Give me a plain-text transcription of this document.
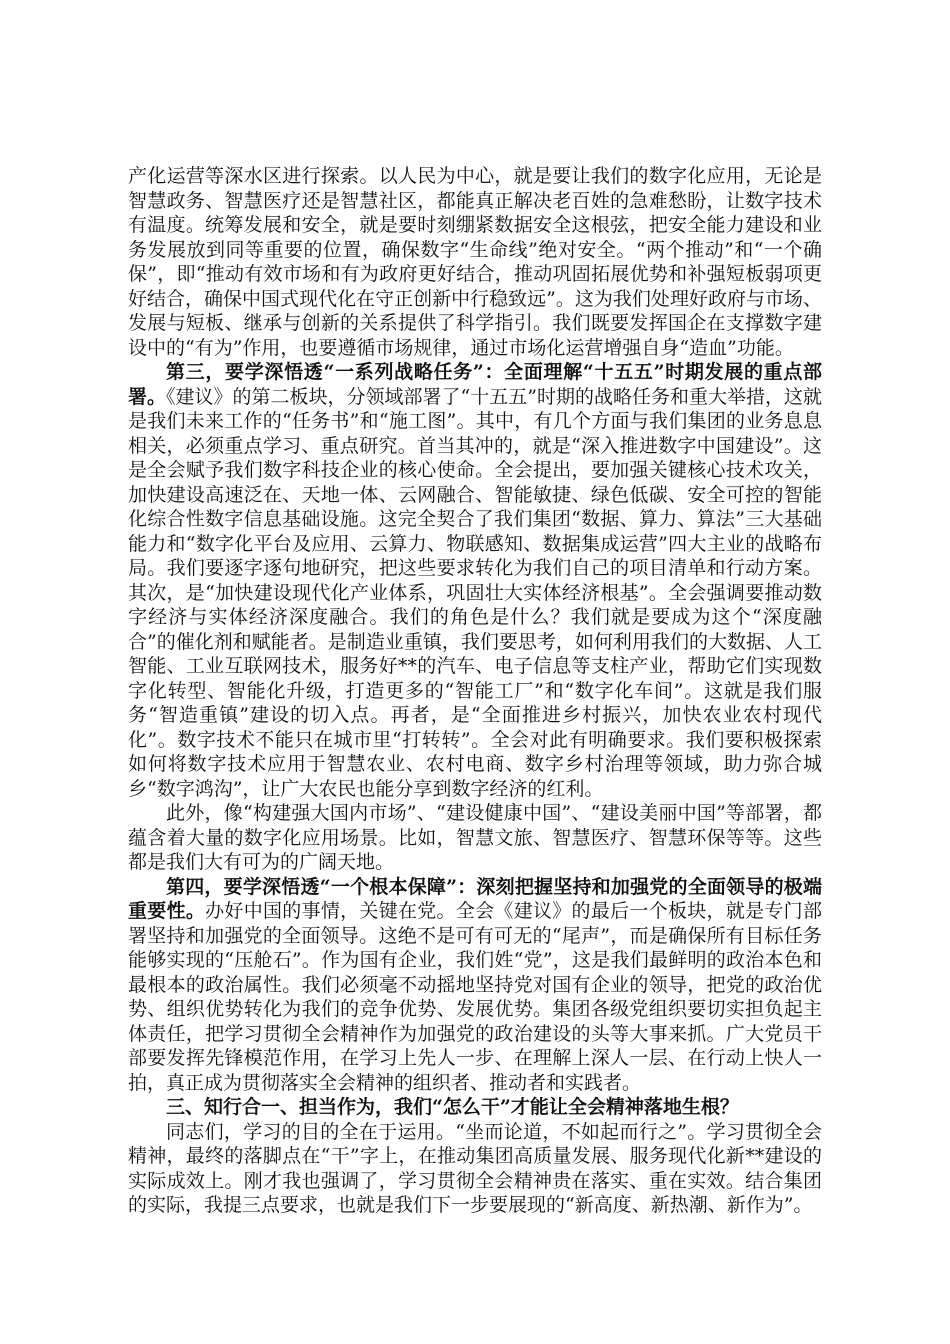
产化运营等深水区进行探索。以人民为中心，就是要让我们的数字化应用，无论是智慧政务、智慧医疗还是智慧社区，都能真正解决老百姓的急难愁盼，让数字技术有温度。统筹发展和安全，就是要时刻绷紧数据安全这根弦，把安全能力建设和业务发展放到同等重要的位置，确保数字“生命线”绝对安全。“两个推动”和“一个确保”，即“推动有效市场和有为政府更好结合，推动巩固拓展优势和补强短板弱项更好结合，确保中国式现代化在守正创新中行稳致远”。这为我们处理好政府与市场、发展与短板、继承与创新的关系提供了科学指引。我们既要发挥国企在支撑数字建设中的“有为”作用，也要遵循市场规律，通过市场化运营增强自身“造血”功能。

第三，要学深悟透“一系列战略任务”：全面理解“十五五”时期发展的重点部署。《建议》的第二板块，分领域部署了“十五五”时期的战略任务和重大举措，这就是我们未来工作的“任务书”和“施工图”。其中，有几个方面与我们集团的业务息息相关，必须重点学习、重点研究。首当其冲的，就是“深入推进数字中国建设”。这是全会赋予我们数字科技企业的核心使命。全会提出，要加强关键核心技术攻关，加快建设高速泛在、天地一体、云网融合、智能敏捷、绿色低碳、安全可控的智能化综合性数字信息基础设施。这完全契合了我们集团“数据、算力、算法”三大基础能力和“数字化平台及应用、云算力、物联感知、数据集成运营”四大主业的战略布局。我们要逐字逐句地研究，把这些要求转化为我们自己的项目清单和行动方案。其次，是“加快建设现代化产业体系，巩固壮大实体经济根基”。全会强调要推动数字经济与实体经济深度融合。我们的角色是什么？我们就是要成为这个“深度融合”的催化剂和赋能者。是制造业重镇，我们要思考，如何利用我们的大数据、人工智能、工业互联网技术，服务好**的汽车、电子信息等支柱产业，帮助它们实现数字化转型、智能化升级，打造更多的“智能工厂”和“数字化车间”。这就是我们服务“智造重镇”建设的切入点。再者，是“全面推进乡村振兴，加快农业农村现代化”。数字技术不能只在城市里“打转转”。全会对此有明确要求。我们要积极探索如何将数字技术应用于智慧农业、农村电商、数字乡村治理等领域，助力弥合城乡“数字鸿沟”，让广大农民也能分享到数字经济的红利。

此外，像“构建强大国内市场”、“建设健康中国”、“建设美丽中国”等部署，都蕴含着大量的数字化应用场景。比如，智慧文旅、智慧医疗、智慧环保等等。这些都是我们大有可为的广阔天地。

第四，要学深悟透“一个根本保障”：深刻把握坚持和加强党的全面领导的极端重要性。办好中国的事情，关键在党。全会《建议》的最后一个板块，就是专门部署坚持和加强党的全面领导。这绝不是可有可无的“尾声”，而是确保所有目标任务能够实现的“压舱石”。作为国有企业，我们姓“党”，这是我们最鲜明的政治本色和最根本的政治属性。我们必须毫不动摇地坚持党对国有企业的领导，把党的政治优势、组织优势转化为我们的竞争优势、发展优势。集团各级党组织要切实担负起主体责任，把学习贯彻全会精神作为加强党的政治建设的头等大事来抓。广大党员干部要发挥先锋模范作用，在学习上先人一步、在理解上深人一层、在行动上快人一拍，真正成为贯彻落实全会精神的组织者、推动者和实践者。

三、知行合一、担当作为，我们“怎么干”才能让全会精神落地生根？

同志们，学习的目的全在于运用。“坐而论道，不如起而行之”。学习贯彻全会精神，最终的落脚点在“干”字上，在推动集团高质量发展、服务现代化新**建设的实际成效上。刚才我也强调了，学习贯彻全会精神贵在落实、重在实效。结合集团的实际，我提三点要求，也就是我们下一步要展现的“新高度、新热潮、新作为”。
